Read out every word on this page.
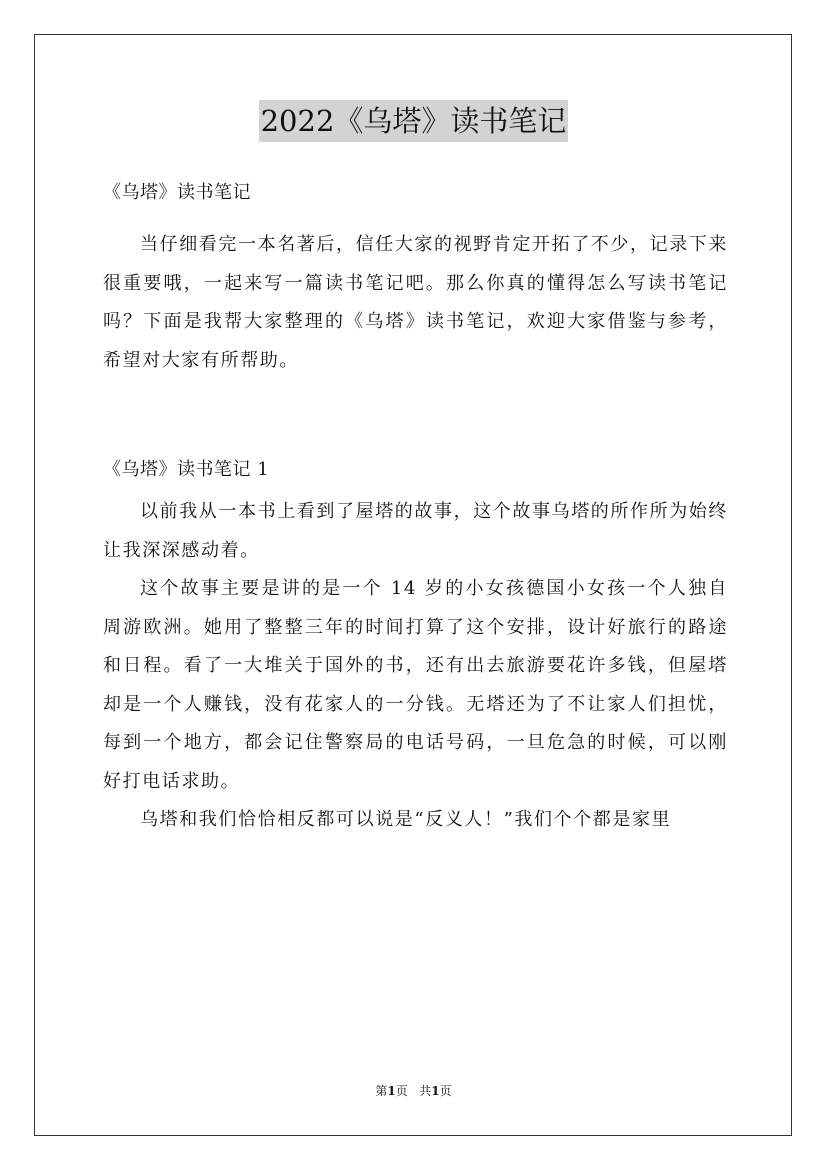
2022《乌塔》读书笔记

《乌塔》读书笔记

当仔细看完一本名著后，信任大家的视野肯定开拓了不少，记录下来很重要哦，一起来写一篇读书笔记吧。那么你真的懂得怎么写读书笔记吗？下面是我帮大家整理的《乌塔》读书笔记，欢迎大家借鉴与参考，希望对大家有所帮助。

《乌塔》读书笔记 1

以前我从一本书上看到了屋塔的故事，这个故事乌塔的所作所为始终让我深深感动着。

这个故事主要是讲的是一个 14 岁的小女孩德国小女孩一个人独自周游欧洲。她用了整整三年的时间打算了这个安排，设计好旅行的路途和日程。看了一大堆关于国外的书，还有出去旅游要花许多钱，但屋塔却是一个人赚钱，没有花家人的一分钱。无塔还为了不让家人们担忧，每到一个地方，都会记住警察局的电话号码，一旦危急的时候，可以刚好打电话求助。

乌塔和我们恰恰相反都可以说是“反义人！”我们个个都是家里

第1页 共1页
